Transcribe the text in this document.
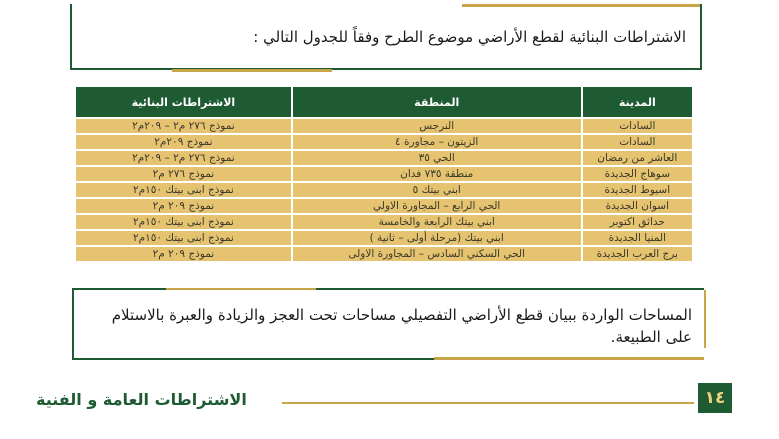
الاشتراطات البنائية لقطع الأراضي موضوع الطرح وفقاً للجدول التالي :
المدينة	المنطقة	الاشتراطات البنائية
السادات	النرجس	نموذج ٢٧٦ م٢ – ٢٠٩م٢
السادات	الزيتون – مجاورة ٤	نموذج ٢٠٩م٢
العاشر من رمضان	الحي ٣٥	نموذج ٢٧٦ م٢ – ٢٠٩م٢
سوهاج الجديدة	منطقة ٧٣٥ فدان	نموذج ٢٧٦ م٢
اسيوط الجديدة	ابني بيتك ٥	نموذج ابنى بيتك ١٥٠م٢
اسوان الجديدة	الحي الرابع – المجاورة الاولي	نموذج ٢٠٩ م٢
حدائق اكتوبر	ابني بيتك الرابعة والخامسة	نموذج ابنى بيتك ١٥٠م٢
المنيا الجديدة	ابني بيتك (مرحلة أولى – ثانية )	نموذج ابنى بيتك ١٥٠م٢
برج العرب الجديدة	الحي السكني السادس – المجاورة الاولى	نموذج ٢٠٩ م٢
المساحات الواردة ببيان قطع الأراضي التفصيلي مساحات تحت العجز والزيادة والعبرة بالاستلام على الطبيعة.
الاشتراطات العامة و الفنية	١٤
